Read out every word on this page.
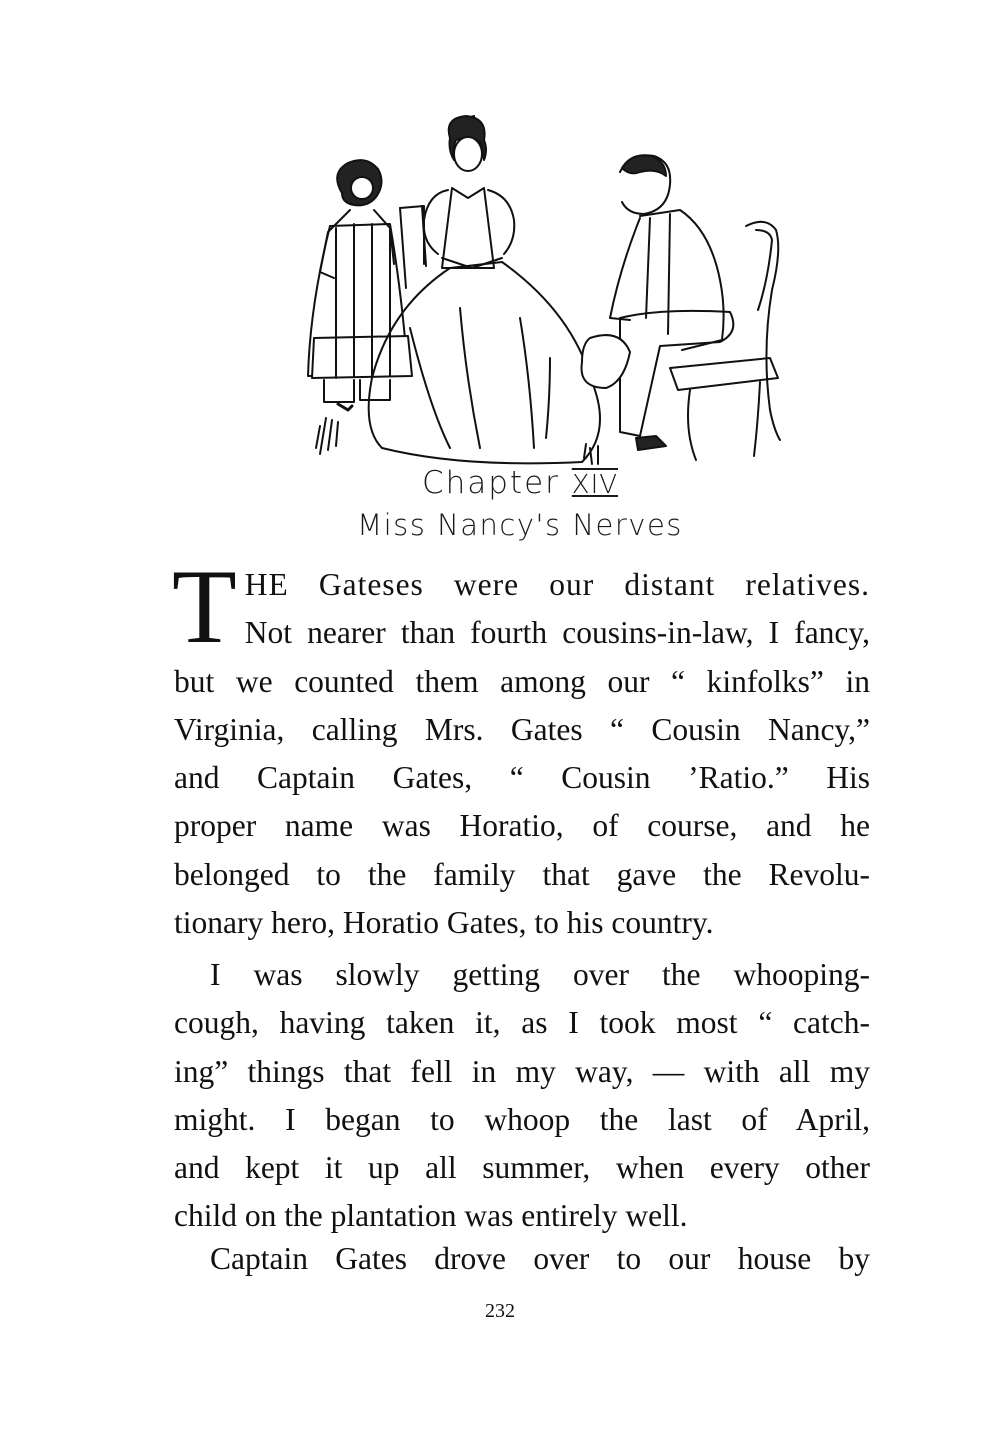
Chapter XIV
Miss Nancy's Nerves
T HE Gateses were our distant relatives.
Not nearer than fourth cousins-in-law, I fancy,
but we counted them among our “ kinfolks” in
Virginia, calling Mrs. Gates “ Cousin Nancy,”
and Captain Gates, “ Cousin ’Ratio.” His
proper name was Horatio, of course, and he
belonged to the family that gave the Revolu-
tionary hero, Horatio Gates, to his country.
I was slowly getting over the whooping-
cough, having taken it, as I took most “ catch-
ing” things that fell in my way, — with all my
might. I began to whoop the last of April,
and kept it up all summer, when every other
child on the plantation was entirely well.
Captain Gates drove over to our house by
232
